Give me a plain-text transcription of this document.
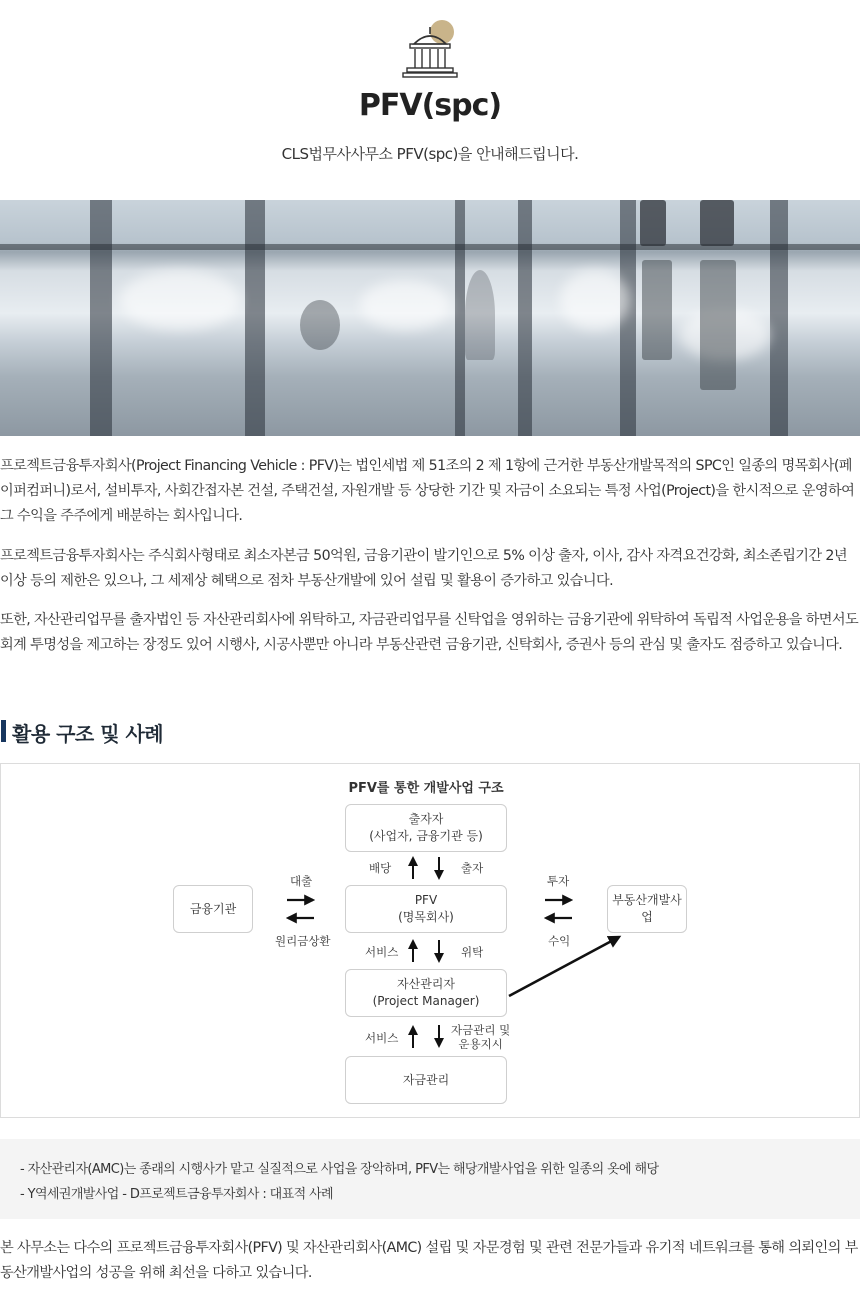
PFV(spc)
CLS법무사사무소 PFV(spc)을 안내해드립니다.
프로젝트금융투자회사(Project Financing Vehicle : PFV)는 법인세법 제 51조의 2 제 1항에 근거한 부동산개발목적의 SPC인 일종의 명목회사(페이퍼컴퍼니)로서, 설비투자, 사회간접자본 건설, 주택건설, 자원개발 등 상당한 기간 및 자금이 소요되는 특정 사업(Project)을 한시적으로 운영하여 그 수익을 주주에게 배분하는 회사입니다.
프로젝트금융투자회사는 주식회사형태로 최소자본금 50억원, 금융기관이 발기인으로 5% 이상 출자, 이사, 감사 자격요건강화, 최소존립기간 2년 이상 등의 제한은 있으나, 그 세제상 혜택으로 점차 부동산개발에 있어 설립 및 활용이 증가하고 있습니다.
또한, 자산관리업무를 출자법인 등 자산관리회사에 위탁하고, 자금관리업무를 신탁업을 영위하는 금융기관에 위탁하여 독립적 사업운용을 하면서도 회계 투명성을 제고하는 장정도 있어 시행사, 시공사뿐만 아니라 부동산관련 금융기관, 신탁회사, 증권사 등의 관심 및 출자도 점증하고 있습니다.
활용 구조 및 사례
PFV를 통한 개발사업 구조
출자자
(사업자, 금융기관 등)
PFV
(명목회사)
자산관리자
(Project Manager)
자금관리
금융기관
부동산개발사업
배당	출자
대출
원리금상환
투자
수익
서비스	위탁
서비스
자금관리 및
운용지시
- 자산관리자(AMC)는 종래의 시행사가 맡고 실질적으로 사업을 장악하며, PFV는 해당개발사업을 위한 일종의 옷에 해당
- Y역세권개발사업 - D프로젝트금융투자회사 : 대표적 사례
본 사무소는 다수의 프로젝트금융투자회사(PFV) 및 자산관리회사(AMC) 설립 및 자문경험 및 관련 전문가들과 유기적 네트워크를 통해 의뢰인의 부동산개발사업의 성공을 위해 최선을 다하고 있습니다.
